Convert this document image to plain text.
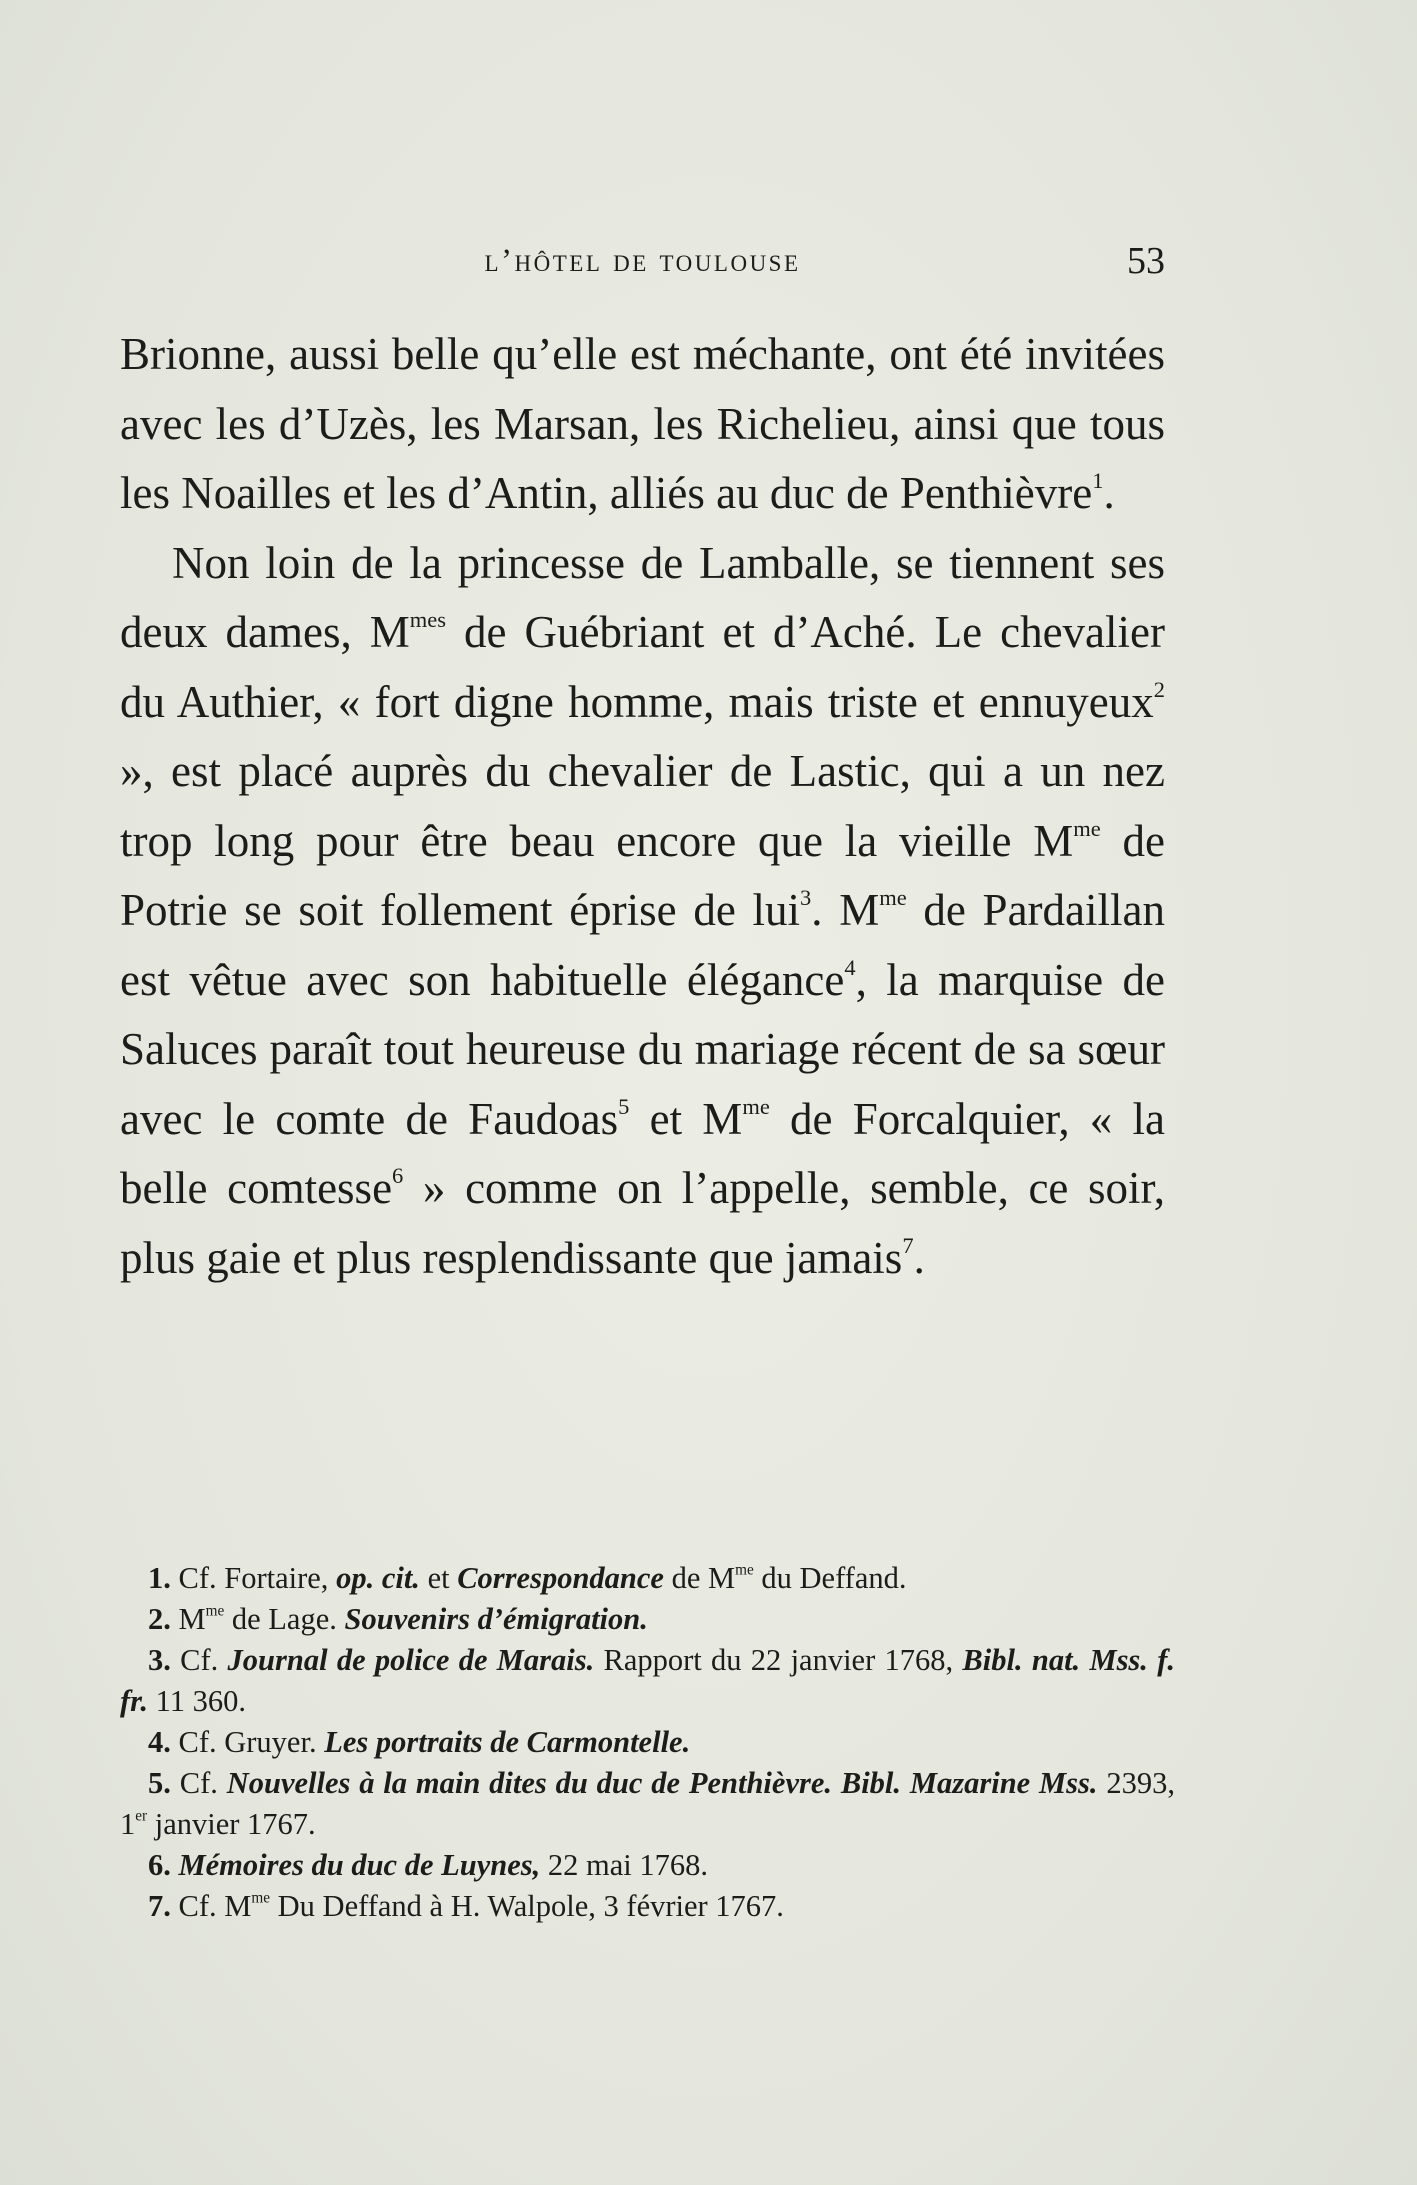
l’hôtel de toulouse	53

Brionne, aussi belle qu’elle est méchante, ont été invitées avec les d’Uzès, les Marsan, les Richelieu, ainsi que tous les Noailles et les d’Antin, alliés au duc de Penthièvre$^1$.

Non loin de la princesse de Lamballe, se tiennent ses deux dames, $M^{mes}$ de Guébriant et d’Aché. Le chevalier du Authier, « fort digne homme, mais triste et ennuyeux$^2$ », est placé auprès du chevalier de Lastic, qui a un nez trop long pour être beau encore que la vieille $M^{me}$ de Potrie se soit follement éprise de lui$^3$. $M^{me}$ de Pardaillan est vêtue avec son habituelle élégance$^4$, la marquise de Saluces paraît tout heureuse du mariage récent de sa sœur avec le comte de Faudoas$^5$ et $M^{me}$ de Forcalquier, « la belle comtesse$^6$ » comme on l’appelle, semble, ce soir, plus gaie et plus resplendissante que jamais$^7$.

1. Cf. Fortaire, op. cit. et Correspondance de $M^{me}$ du Deffand.

2. $M^{me}$ de Lage. Souvenirs d’émigration.

3. Cf. Journal de police de Marais. Rapport du 22 janvier 1768, Bibl. nat. Mss. f. fr. 11 360.

4. Cf. Gruyer. Les portraits de Carmontelle.

5. Cf. Nouvelles à la main dites du duc de Penthièvre. Bibl. Mazarine Mss. 2393, 1er janvier 1767.

6. Mémoires du duc de Luynes, 22 mai 1768.

7. Cf. $M^{me}$ Du Deffand à H. Walpole, 3 février 1767.
